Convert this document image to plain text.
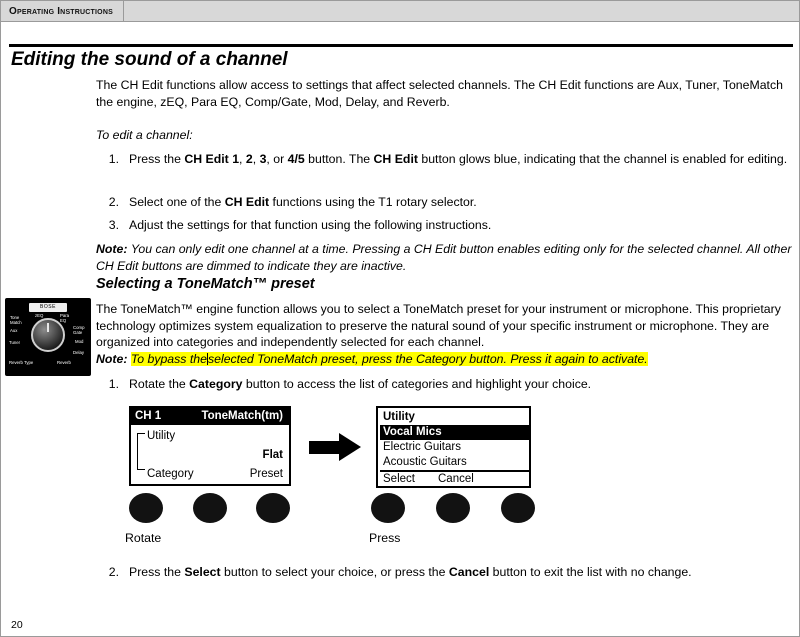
Operating Instructions
Editing the sound of a channel
The CH Edit functions allow access to settings that affect selected channels. The CH Edit functions are Aux, Tuner, ToneMatch the engine, zEQ, Para EQ, Comp/Gate, Mod, Delay, and Reverb.
To edit a channel:
1. Press the CH Edit 1, 2, 3, or 4/5 button. The CH Edit button glows blue, indicating that the channel is enabled for editing.
2. Select one of the CH Edit functions using the T1 rotary selector.
3. Adjust the settings for that function using the following instructions.
Note: You can only edit one channel at a time. Pressing a CH Edit button enables editing only for the selected channel. All other CH Edit buttons are dimmed to indicate they are inactive.
Selecting a ToneMatch™ preset
The ToneMatch™ engine function allows you to select a ToneMatch preset for your instrument or microphone. This proprietary technology optimizes system equalization to preserve the natural sound of your specific instrument or microphone. They are organized into categories and independently selected for each channel.
Note: To bypass theselected ToneMatch preset, press the Category button. Press it again to activate.
1. Rotate the Category button to access the list of categories and highlight your choice.
BOSE
Tone
Match
zEQ	Para
EQ
Comp
Gate
Aux
Mod
Tuner
Delay
Reverb Type	Reverb
CH 1	ToneMatch(tm)
Utility
Flat
Category	Preset
Utility
Vocal Mics
Electric Guitars
Acoustic Guitars
Select Cancel
Rotate	Press
2. Press the Select button to select your choice, or press the Cancel button to exit the list with no change.
20
